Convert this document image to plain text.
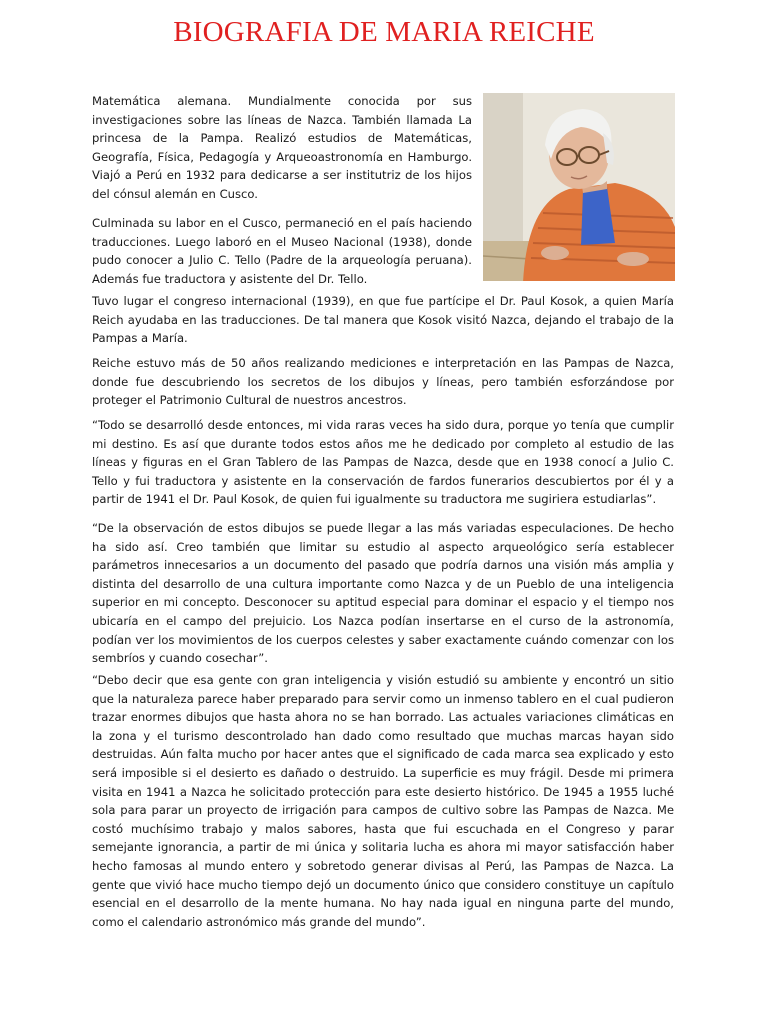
BIOGRAFIA DE MARIA REICHE

Matemática alemana. Mundialmente conocida por sus investigaciones sobre las líneas de Nazca. También llamada La princesa de la Pampa. Realizó estudios de Matemáticas, Geografía, Física, Pedagogía y Arqueoastronomía en Hamburgo. Viajó a Perú en 1932 para dedicarse a ser institutriz de los hijos del cónsul alemán en Cusco.

Culminada su labor en el Cusco, permaneció en el país haciendo traducciones. Luego laboró en el Museo Nacional (1938), donde pudo conocer a Julio C. Tello (Padre de la arqueología peruana). Además fue traductora y asistente del Dr. Tello.

Tuvo lugar el congreso internacional (1939), en que fue partícipe el Dr. Paul Kosok, a quien María Reich ayudaba en las traducciones. De tal manera que Kosok visitó Nazca, dejando el trabajo de la Pampas a María.

Reiche estuvo más de 50 años realizando mediciones e interpretación en las Pampas de Nazca, donde fue descubriendo los secretos de los dibujos y líneas, pero también esforzándose por proteger el Patrimonio Cultural de nuestros ancestros.

“Todo se desarrolló desde entonces, mi vida raras veces ha sido dura, porque yo tenía que cumplir mi destino. Es así que durante todos estos años me he dedicado por completo al estudio de las líneas y figuras en el Gran Tablero de las Pampas de Nazca, desde que en 1938 conocí a Julio C. Tello y fui traductora y asistente en la conservación de fardos funerarios descubiertos por él y a partir de 1941 el Dr. Paul Kosok, de quien fui igualmente su traductora me sugiriera estudiarlas”.

“De la observación de estos dibujos se puede llegar a las más variadas especulaciones. De hecho ha sido así. Creo también que limitar su estudio al aspecto arqueológico sería establecer parámetros innecesarios a un documento del pasado que podría darnos una visión más amplia y distinta del desarrollo de una cultura importante como Nazca y de un Pueblo de una inteligencia superior en mi concepto. Desconocer su aptitud especial para dominar el espacio y el tiempo nos ubicaría en el campo del prejuicio. Los Nazca podían insertarse en el curso de la astronomía, podían ver los movimientos de los cuerpos celestes y saber exactamente cuándo comenzar con los sembríos y cuando cosechar”.

“Debo decir que esa gente con gran inteligencia y visión estudió su ambiente y encontró un sitio que la naturaleza parece haber preparado para servir como un inmenso tablero en el cual pudieron trazar enormes dibujos que hasta ahora no se han borrado. Las actuales variaciones climáticas en la zona y el turismo descontrolado han dado como resultado que muchas marcas hayan sido destruidas. Aún falta mucho por hacer antes que el significado de cada marca sea explicado y esto será imposible si el desierto es dañado o destruido. La superficie es muy frágil. Desde mi primera visita en 1941 a Nazca he solicitado protección para este desierto histórico. De 1945 a 1955 luché sola para parar un proyecto de irrigación para campos de cultivo sobre las Pampas de Nazca. Me costó muchísimo trabajo y malos sabores, hasta que fui escuchada en el Congreso y parar semejante ignorancia, a partir de mi única y solitaria lucha es ahora mi mayor satisfacción haber hecho famosas al mundo entero y sobretodo generar divisas al Perú, las Pampas de Nazca. La gente que vivió hace mucho tiempo dejó un documento único que considero constituye un capítulo esencial en el desarrollo de la mente humana. No hay nada igual en ninguna parte del mundo, como el calendario astronómico más grande del mundo”.
